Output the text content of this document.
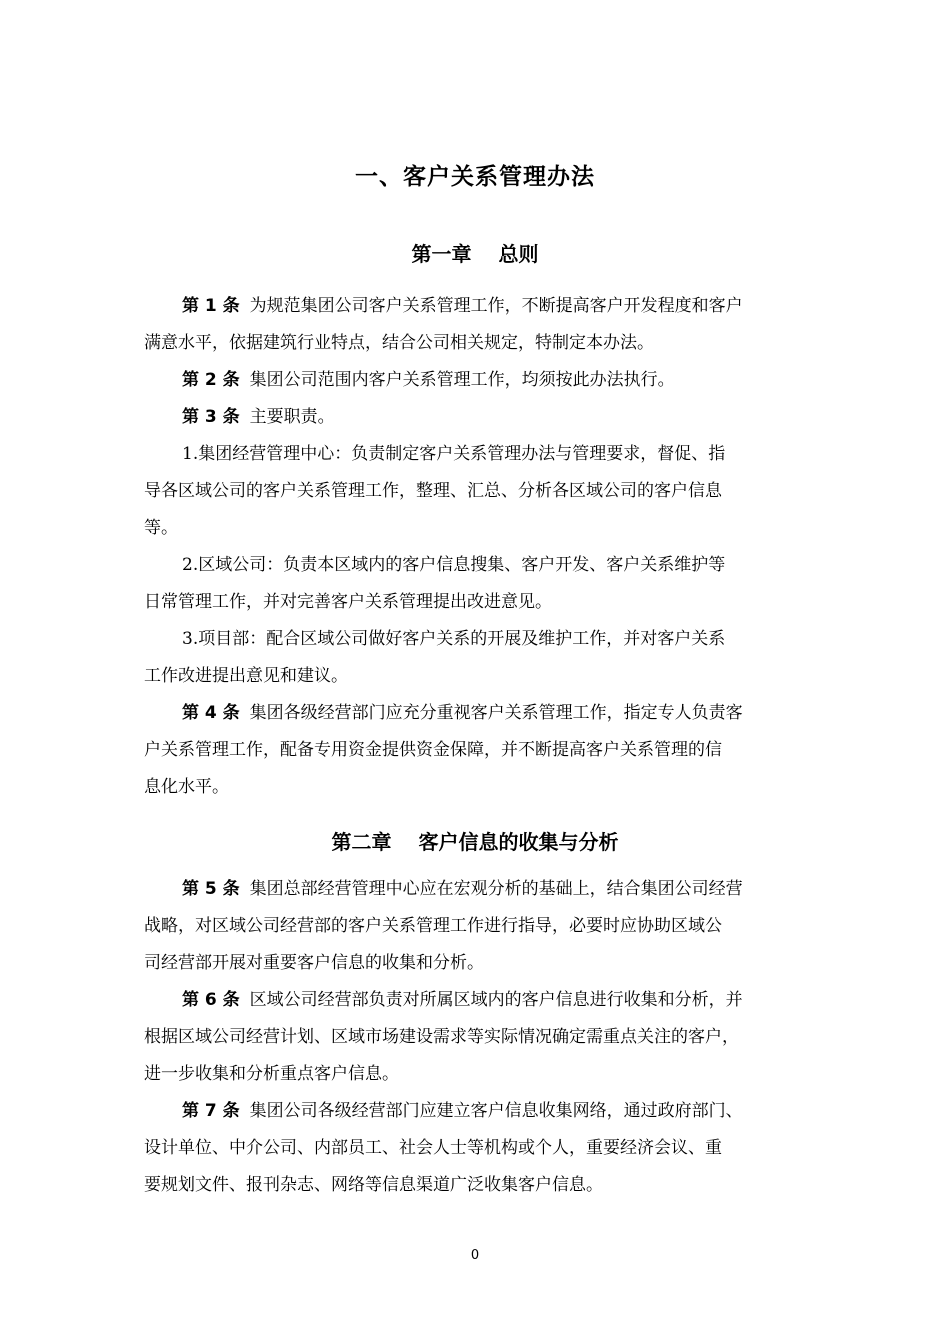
一、客户关系管理办法
第一章　 总则
第 1 条 为规范集团公司客户关系管理工作，不断提高客户开发程度和客户
满意水平，依据建筑行业特点，结合公司相关规定，特制定本办法。
第 2 条 集团公司范围内客户关系管理工作，均须按此办法执行。
第 3 条 主要职责。
1.集团经营管理中心：负责制定客户关系管理办法与管理要求，督促、指
导各区域公司的客户关系管理工作，整理、汇总、分析各区域公司的客户信息
等。
2.区域公司：负责本区域内的客户信息搜集、客户开发、客户关系维护等
日常管理工作，并对完善客户关系管理提出改进意见。
3.项目部：配合区域公司做好客户关系的开展及维护工作，并对客户关系
工作改进提出意见和建议。
第 4 条 集团各级经营部门应充分重视客户关系管理工作，指定专人负责客
户关系管理工作，配备专用资金提供资金保障，并不断提高客户关系管理的信
息化水平。
第二章　 客户信息的收集与分析
第 5 条 集团总部经营管理中心应在宏观分析的基础上，结合集团公司经营
战略，对区域公司经营部的客户关系管理工作进行指导，必要时应协助区域公
司经营部开展对重要客户信息的收集和分析。
第 6 条 区域公司经营部负责对所属区域内的客户信息进行收集和分析，并
根据区域公司经营计划、区域市场建设需求等实际情况确定需重点关注的客户，
进一步收集和分析重点客户信息。
第 7 条 集团公司各级经营部门应建立客户信息收集网络，通过政府部门、
设计单位、中介公司、内部员工、社会人士等机构或个人，重要经济会议、重
要规划文件、报刊杂志、网络等信息渠道广泛收集客户信息。

0
